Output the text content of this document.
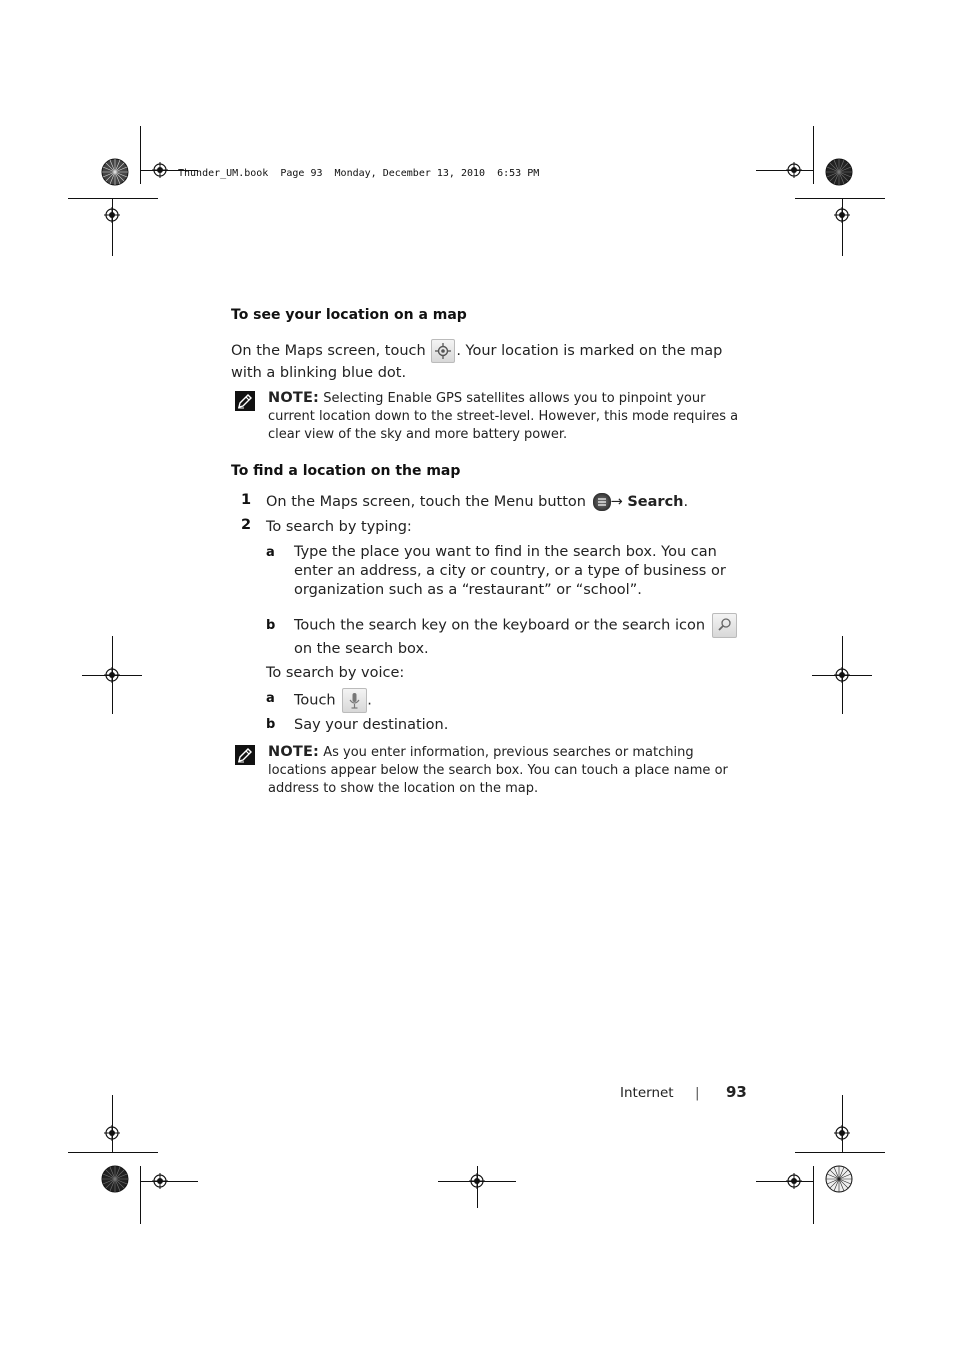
Thunder_UM.book  Page 93  Monday, December 13, 2010  6:53 PM
To see your location on a map
On the Maps screen, touch . Your location is marked on the map
with a blinking blue dot.
NOTE: Selecting Enable GPS satellites allows you to pinpoint your
current location down to the street-level. However, this mode requires a
clear view of the sky and more battery power.
To find a location on the map
1 On the Maps screen, touch the Menu button → Search.
2 To search by typing:
a Type the place you want to find in the search box. You can
enter an address, a city or country, or a type of business or
organization such as a “restaurant” or “school”.
b Touch the search key on the keyboard or the search icon

on the search box.
To search by voice:
a Touch .
b Say your destination.
NOTE: As you enter information, previous searches or matching
locations appear below the search box. You can touch a place name or
address to show the location on the map.
Internet | 93
